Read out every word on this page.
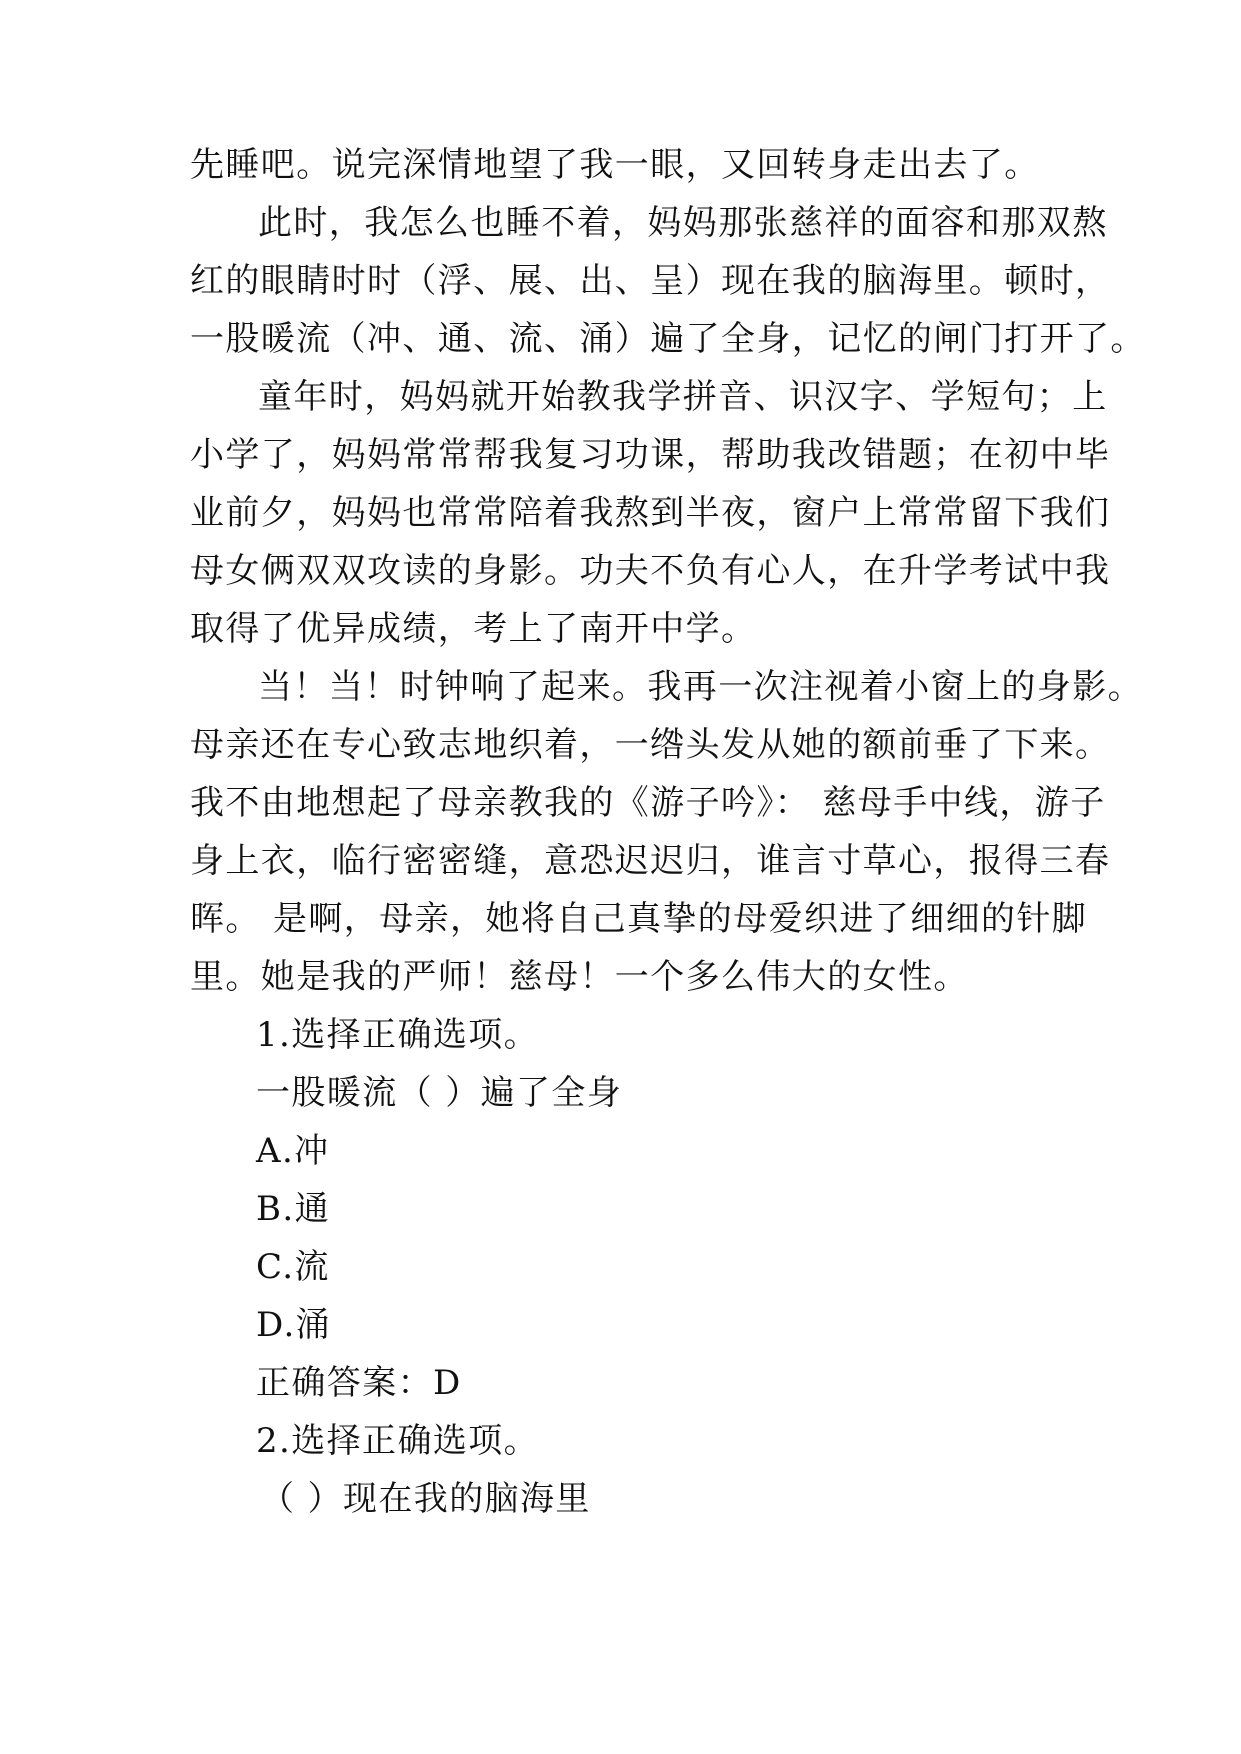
先睡吧。说完深情地望了我一眼，又回转身走出去了。
此时，我怎么也睡不着，妈妈那张慈祥的面容和那双熬
红的眼睛时时（浮、展、出、呈）现在我的脑海里。顿时，
一股暖流（冲、通、流、涌）遍了全身，记忆的闸门打开了。
童年时，妈妈就开始教我学拼音、识汉字、学短句；上
小学了，妈妈常常帮我复习功课，帮助我改错题；在初中毕
业前夕，妈妈也常常陪着我熬到半夜，窗户上常常留下我们
母女俩双双攻读的身影。功夫不负有心人，在升学考试中我
取得了优异成绩，考上了南开中学。
当！当！时钟响了起来。我再一次注视着小窗上的身影。
母亲还在专心致志地织着，一绺头发从她的额前垂了下来。
我不由地想起了母亲教我的《游子吟》： 慈母手中线，游子
身上衣，临行密密缝，意恐迟迟归，谁言寸草心，报得三春
晖。 是啊，母亲，她将自己真挚的母爱织进了细细的针脚
里。她是我的严师！慈母！一个多么伟大的女性。
1.选择正确选项。
一股暖流（ ）遍了全身
A.冲
B.通
C.流
D.涌
正确答案：D
2.选择正确选项。
（ ）现在我的脑海里
